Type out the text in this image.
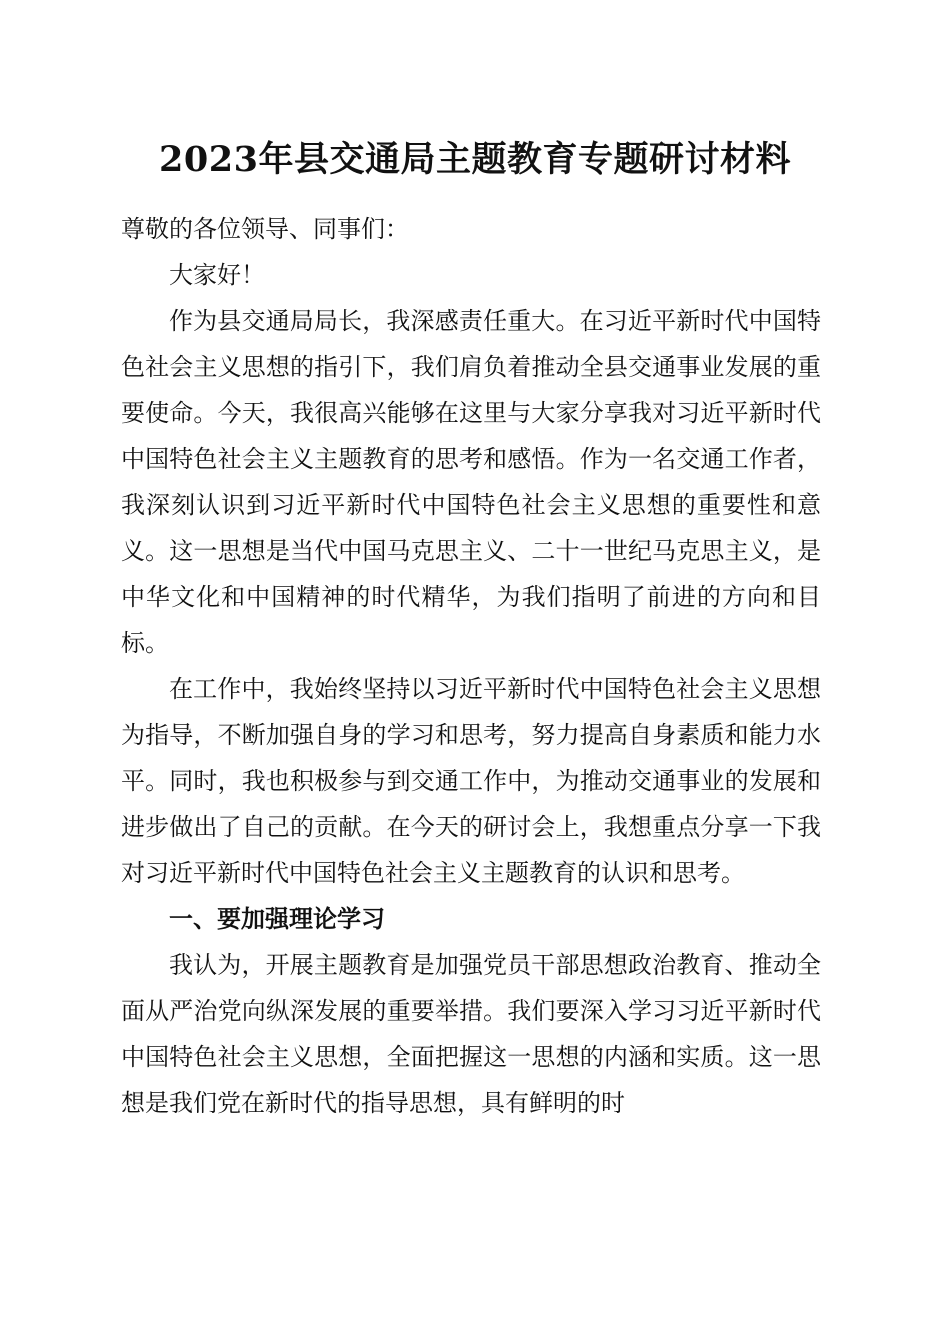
2023年县交通局主题教育专题研讨材料

尊敬的各位领导、同事们：

大家好！

作为县交通局局长，我深感责任重大。在习近平新时代中国特色社会主义思想的指引下，我们肩负着推动全县交通事业发展的重要使命。今天，我很高兴能够在这里与大家分享我对习近平新时代中国特色社会主义主题教育的思考和感悟。作为一名交通工作者，我深刻认识到习近平新时代中国特色社会主义思想的重要性和意义。这一思想是当代中国马克思主义、二十一世纪马克思主义，是中华文化和中国精神的时代精华，为我们指明了前进的方向和目标。

在工作中，我始终坚持以习近平新时代中国特色社会主义思想为指导，不断加强自身的学习和思考，努力提高自身素质和能力水平。同时，我也积极参与到交通工作中，为推动交通事业的发展和进步做出了自己的贡献。在今天的研讨会上，我想重点分享一下我对习近平新时代中国特色社会主义主题教育的认识和思考。

一、要加强理论学习

我认为，开展主题教育是加强党员干部思想政治教育、推动全面从严治党向纵深发展的重要举措。我们要深入学习习近平新时代中国特色社会主义思想，全面把握这一思想的内涵和实质。这一思想是我们党在新时代的指导思想，具有鲜明的时
